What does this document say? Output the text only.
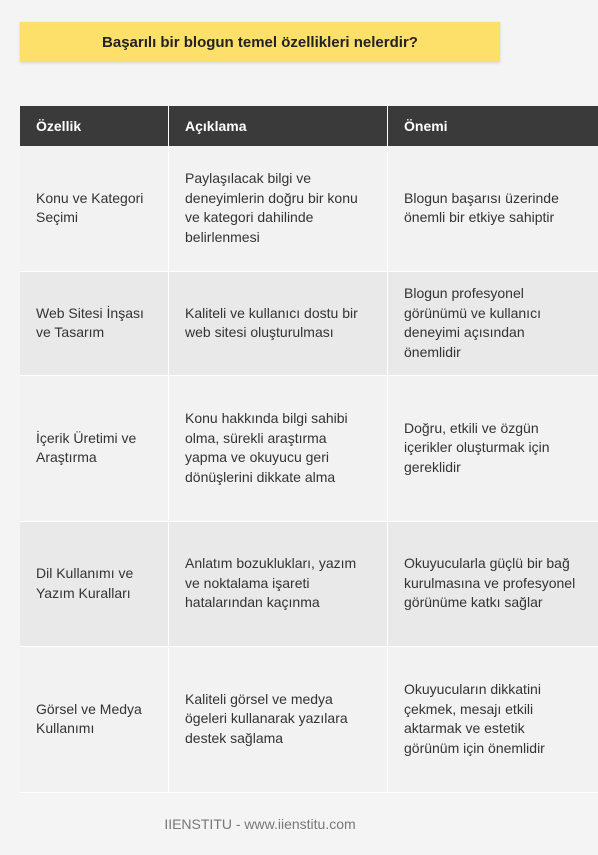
Başarılı bir blogun temel özellikleri nelerdir?
Özellik	Açıklama	Önemi
Konu ve Kategori Seçimi	Paylaşılacak bilgi ve deneyimlerin doğru bir konu ve kategori dahilinde belirlenmesi	Blogun başarısı üzerinde önemli bir etkiye sahiptir
Web Sitesi İnşası ve Tasarım	Kaliteli ve kullanıcı dostu bir web sitesi oluşturulması	Blogun profesyonel görünümü ve kullanıcı deneyimi açısından önemlidir
İçerik Üretimi ve Araştırma	Konu hakkında bilgi sahibi olma, sürekli araştırma yapma ve okuyucu geri dönüşlerini dikkate alma	Doğru, etkili ve özgün içerikler oluşturmak için gereklidir
Dil Kullanımı ve Yazım Kuralları	Anlatım bozuklukları, yazım ve noktalama işareti hatalarından kaçınma	Okuyucularla güçlü bir bağ kurulmasına ve profesyonel görünüme katkı sağlar
Görsel ve Medya Kullanımı	Kaliteli görsel ve medya ögeleri kullanarak yazılara destek sağlama	Okuyucuların dikkatini çekmek, mesajı etkili aktarmak ve estetik görünüm için önemlidir
IIENSTITU - www.iienstitu.com
